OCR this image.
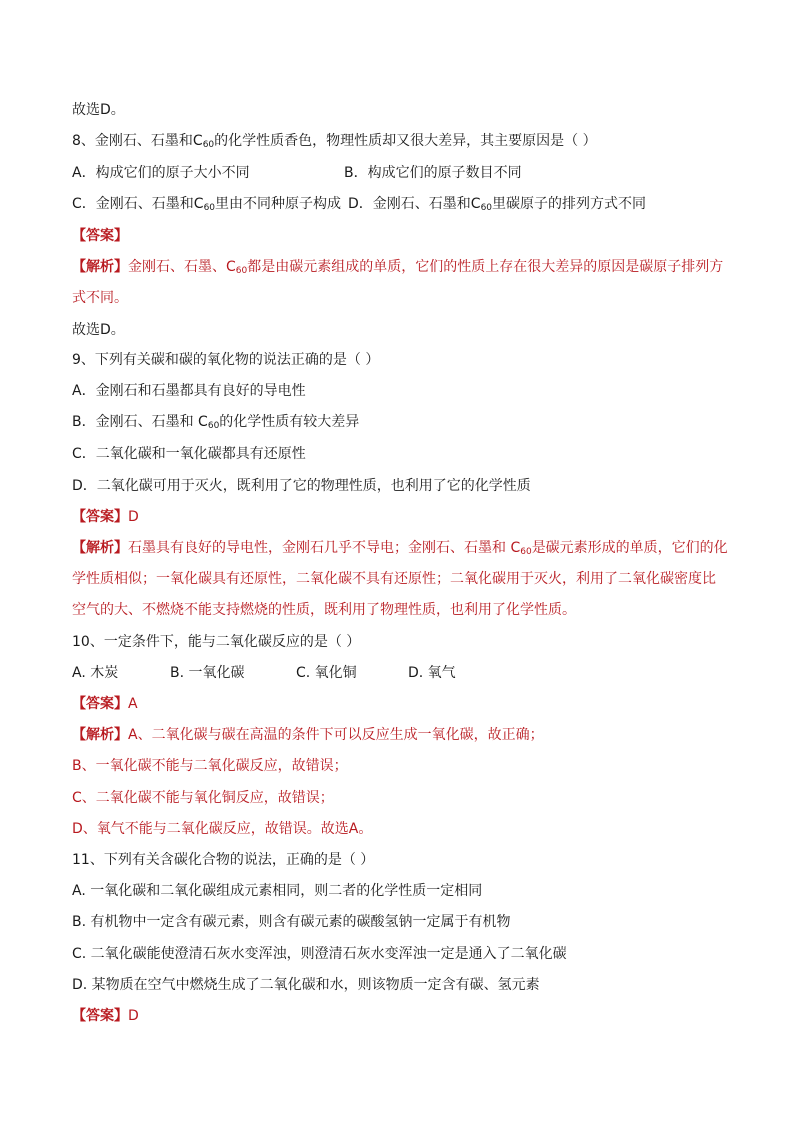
故选D。
8、金刚石、石墨和$C_{60}$的化学性质香色，物理性质却又很大差异，其主要原因是（ ）
A．构成它们的原子大小不同	B．构成它们的原子数目不同
C．金刚石、石墨和$C_{60}$里由不同种原子构成 D．金刚石、石墨和$C_{60}$里碳原子的排列方式不同
【答案】
【解析】金刚石、石墨、$C_{60}$都是由碳元素组成的单质，它们的性质上存在很大差异的原因是碳原子排列方
式不同。
故选D。
9、下列有关碳和碳的氧化物的说法正确的是（ ）
A．金刚石和石墨都具有良好的导电性
B．金刚石、石墨和 $C_{60}$的化学性质有较大差异
C．二氧化碳和一氧化碳都具有还原性
D．二氧化碳可用于灭火，既利用了它的物理性质，也利用了它的化学性质
【答案】D
【解析】石墨具有良好的导电性，金刚石几乎不导电；金刚石、石墨和 $C_{60}$是碳元素形成的单质，它们的化
学性质相似；一氧化碳具有还原性，二氧化碳不具有还原性；二氧化碳用于灭火，利用了二氧化碳密度比
空气的大、不燃烧不能支持燃烧的性质，既利用了物理性质，也利用了化学性质。
10、一定条件下，能与二氧化碳反应的是（ ）
A. 木炭	B. 一氧化碳	C. 氧化铜	D. 氧气
【答案】A
【解析】A、二氧化碳与碳在高温的条件下可以反应生成一氧化碳，故正确；
B、一氧化碳不能与二氧化碳反应，故错误；
C、二氧化碳不能与氧化铜反应，故错误；
D、氧气不能与二氧化碳反应，故错误。故选A。
11、下列有关含碳化合物的说法，正确的是（ ）
A. 一氧化碳和二氧化碳组成元素相同，则二者的化学性质一定相同
B. 有机物中一定含有碳元素，则含有碳元素的碳酸氢钠一定属于有机物
C. 二氧化碳能使澄清石灰水变浑浊，则澄清石灰水变浑浊一定是通入了二氧化碳
D. 某物质在空气中燃烧生成了二氧化碳和水，则该物质一定含有碳、氢元素
【答案】D
